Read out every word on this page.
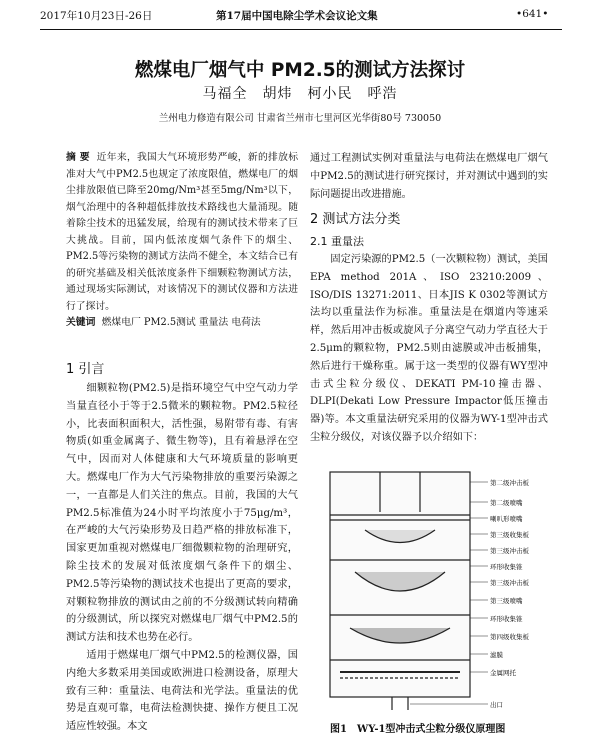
2017年10月23日-26日	第17届中国电除尘学术会议论文集	•641•
燃煤电厂烟气中 PM2.5的测试方法探讨
马福全　胡炜　柯小民　呼浩
兰州电力修造有限公司 甘肃省兰州市七里河区光华街80号 730050

摘 要 近年来，我国大气环境形势严峻，新的排放标准对大气中PM2.5也规定了浓度限值，燃煤电厂的烟尘排放限值已降至20mg/Nm³甚至5mg/Nm³以下，烟气治理中的各种超低排放技术路线也大量涌现。随着除尘技术的迅猛发展，给现有的测试技术带来了巨大挑战。目前，国内低浓度烟气条件下的烟尘、PM2.5等污染物的测试方法尚不健全，本文结合已有的研究基础及相关低浓度条件下细颗粒物测试方法，通过现场实际测试，对该情况下的测试仪器和方法进行了探讨。

关键词 燃煤电厂 PM2.5测试 重量法 电荷法

1 引言

细颗粒物(PM2.5)是指环境空气中空气动力学当量直径小于等于2.5微米的颗粒物。PM2.5粒径小，比表面积面积大，活性强，易附带有毒、有害物质(如重金属离子、微生物等)，且有着悬浮在空气中，因而对人体健康和大气环境质量的影响更大。燃煤电厂作为大气污染物排放的重要污染源之一，一直都是人们关注的焦点。目前，我国的大气PM2.5标准值为24小时平均浓度小于75μg/m³，在严峻的大气污染形势及日趋严格的排放标准下，国家更加重视对燃煤电厂细微颗粒物的治理研究，除尘技术的发展对低浓度烟气条件下的烟尘、PM2.5等污染物的测试技术也提出了更高的要求，对颗粒物排放的测试由之前的不分级测试转向精确的分级测试，所以探究对燃煤电厂烟气中PM2.5的测试方法和技术也势在必行。

适用于燃煤电厂烟气中PM2.5的检测仪器，国内绝大多数采用美国或欧洲进口检测设备，原理大致有三种：重量法、电荷法和光学法。重量法的优势是直观可靠，电荷法检测快捷、操作方便且工况适应性较强。本文

通过工程测试实例对重量法与电荷法在燃煤电厂烟气中PM2.5的测试进行研究探讨，并对测试中遇到的实际问题提出改进措施。

2 测试方法分类

2.1 重量法

固定污染源的PM2.5（一次颗粒物）测试，美国EPA method 201A、ISO 23210:2009、ISO/DIS 13271:2011、日本JIS K 0302等测试方法均以重量法作为标准。重量法是在烟道内等速采样，然后用冲击板或旋风子分离空气动力学直径大于2.5μm的颗粒物，PM2.5则由滤膜或冲击板捕集，然后进行干燥称重。属于这一类型的仪器有WY型冲击式尘粒分级仪、DEKATI PM-10撞击器、DLPI(Dekati Low Pressure Impactor低压撞击器)等。本文重量法研究采用的仪器为WY-1型冲击式尘粒分级仪，对该仪器予以介绍如下：

第二级冲击板
第二级喷嘴
喇叭形喷嘴
第三级收集板
第三级冲击板
环形收集锥
第三级冲击板
第三级喷嘴
环形收集锥
第四级收集板
滤膜
金属网托
出口
图1　WY-1型冲击式尘粒分级仪原理图
